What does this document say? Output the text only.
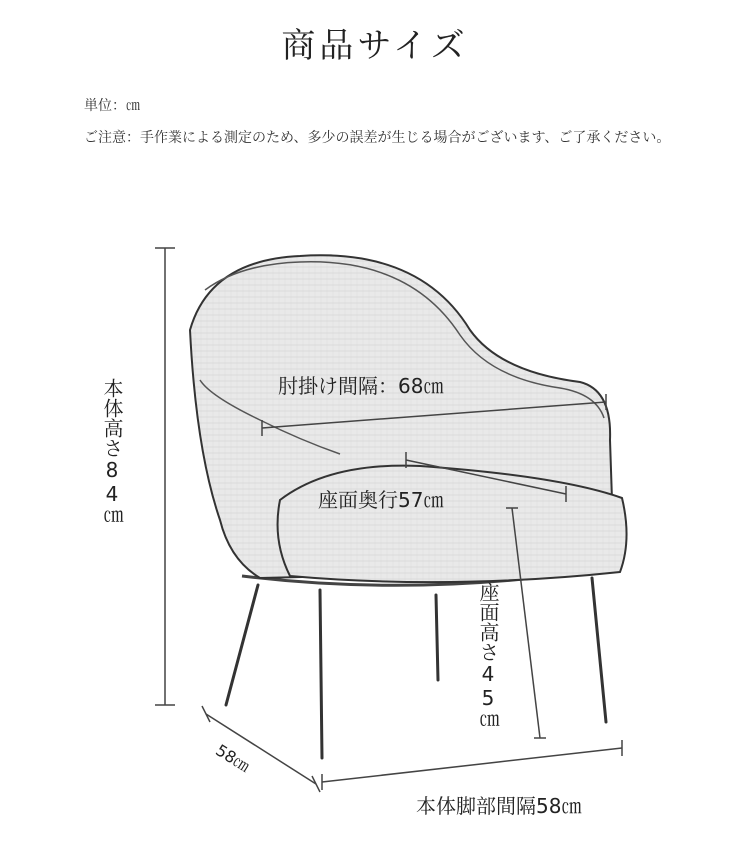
商品サイズ
単位：㎝
ご注意：手作業による測定のため、多少の誤差が生じる場合がございます、ご了承ください。
肘掛け間隔：68㎝
座面奥行57㎝
本体高さ84㎝
座面高さ45㎝
58㎝
本体脚部間隔58㎝
